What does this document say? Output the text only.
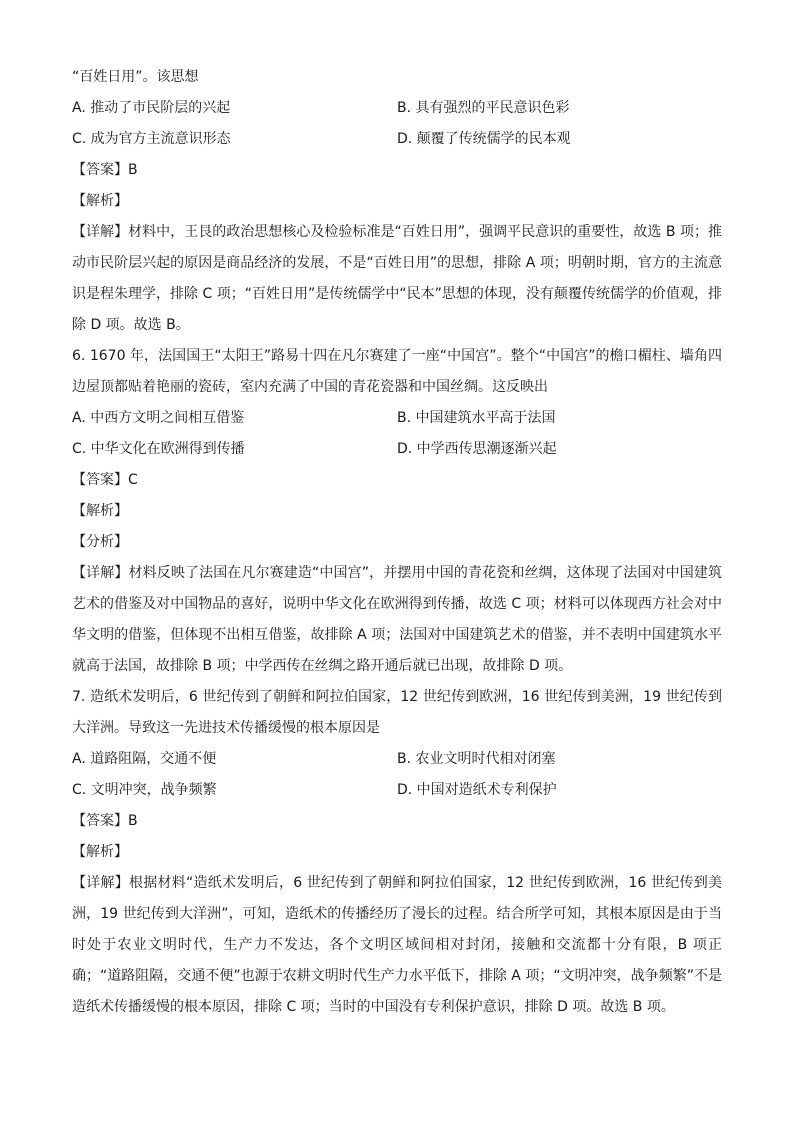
“百姓日用”。该思想
A. 推动了市民阶层的兴起	B. 具有强烈的平民意识色彩
C. 成为官方主流意识形态	D. 颠覆了传统儒学的民本观
【答案】B
【解析】
【详解】材料中，王艮的政治思想核心及检验标准是“百姓日用”，强调平民意识的重要性，故选 B 项；推动市民阶层兴起的原因是商品经济的发展，不是“百姓日用”的思想，排除 A 项；明朝时期，官方的主流意识是程朱理学，排除 C 项；“百姓日用”是传统儒学中“民本”思想的体现，没有颠覆传统儒学的价值观，排除 D 项。故选 B。
6. 1670 年，法国国王“太阳王”路易十四在凡尔赛建了一座“中国宫”。整个“中国宫”的檐口楣柱、墙角四边屋顶都贴着艳丽的瓷砖，室内充满了中国的青花瓷器和中国丝绸。这反映出
A. 中西方文明之间相互借鉴	B. 中国建筑水平高于法国
C. 中华文化在欧洲得到传播	D. 中学西传思潮逐渐兴起
【答案】C
【解析】
【分析】
【详解】材料反映了法国在凡尔赛建造“中国宫”，并摆用中国的青花瓷和丝绸，这体现了法国对中国建筑艺术的借鉴及对中国物品的喜好，说明中华文化在欧洲得到传播，故选 C 项；材料可以体现西方社会对中华文明的借鉴，但体现不出相互借鉴，故排除 A 项；法国对中国建筑艺术的借鉴，并不表明中国建筑水平就高于法国，故排除 B 项；中学西传在丝绸之路开通后就已出现，故排除 D 项。
7. 造纸术发明后，6 世纪传到了朝鲜和阿拉伯国家，12 世纪传到欧洲，16 世纪传到美洲，19 世纪传到大洋洲。导致这一先进技术传播缓慢的根本原因是
A. 道路阻隔，交通不便	B. 农业文明时代相对闭塞
C. 文明冲突，战争频繁	D. 中国对造纸术专利保护
【答案】B
【解析】
【详解】根据材料“造纸术发明后，6 世纪传到了朝鲜和阿拉伯国家，12 世纪传到欧洲，16 世纪传到美洲，19 世纪传到大洋洲”，可知，造纸术的传播经历了漫长的过程。结合所学可知，其根本原因是由于当时处于农业文明时代，生产力不发达，各个文明区域间相对封闭，接触和交流都十分有限，B 项正确；“道路阻隔，交通不便”也源于农耕文明时代生产力水平低下，排除 A 项；“文明冲突，战争频繁”不是造纸术传播缓慢的根本原因，排除 C 项；当时的中国没有专利保护意识，排除 D 项。故选 B 项。
